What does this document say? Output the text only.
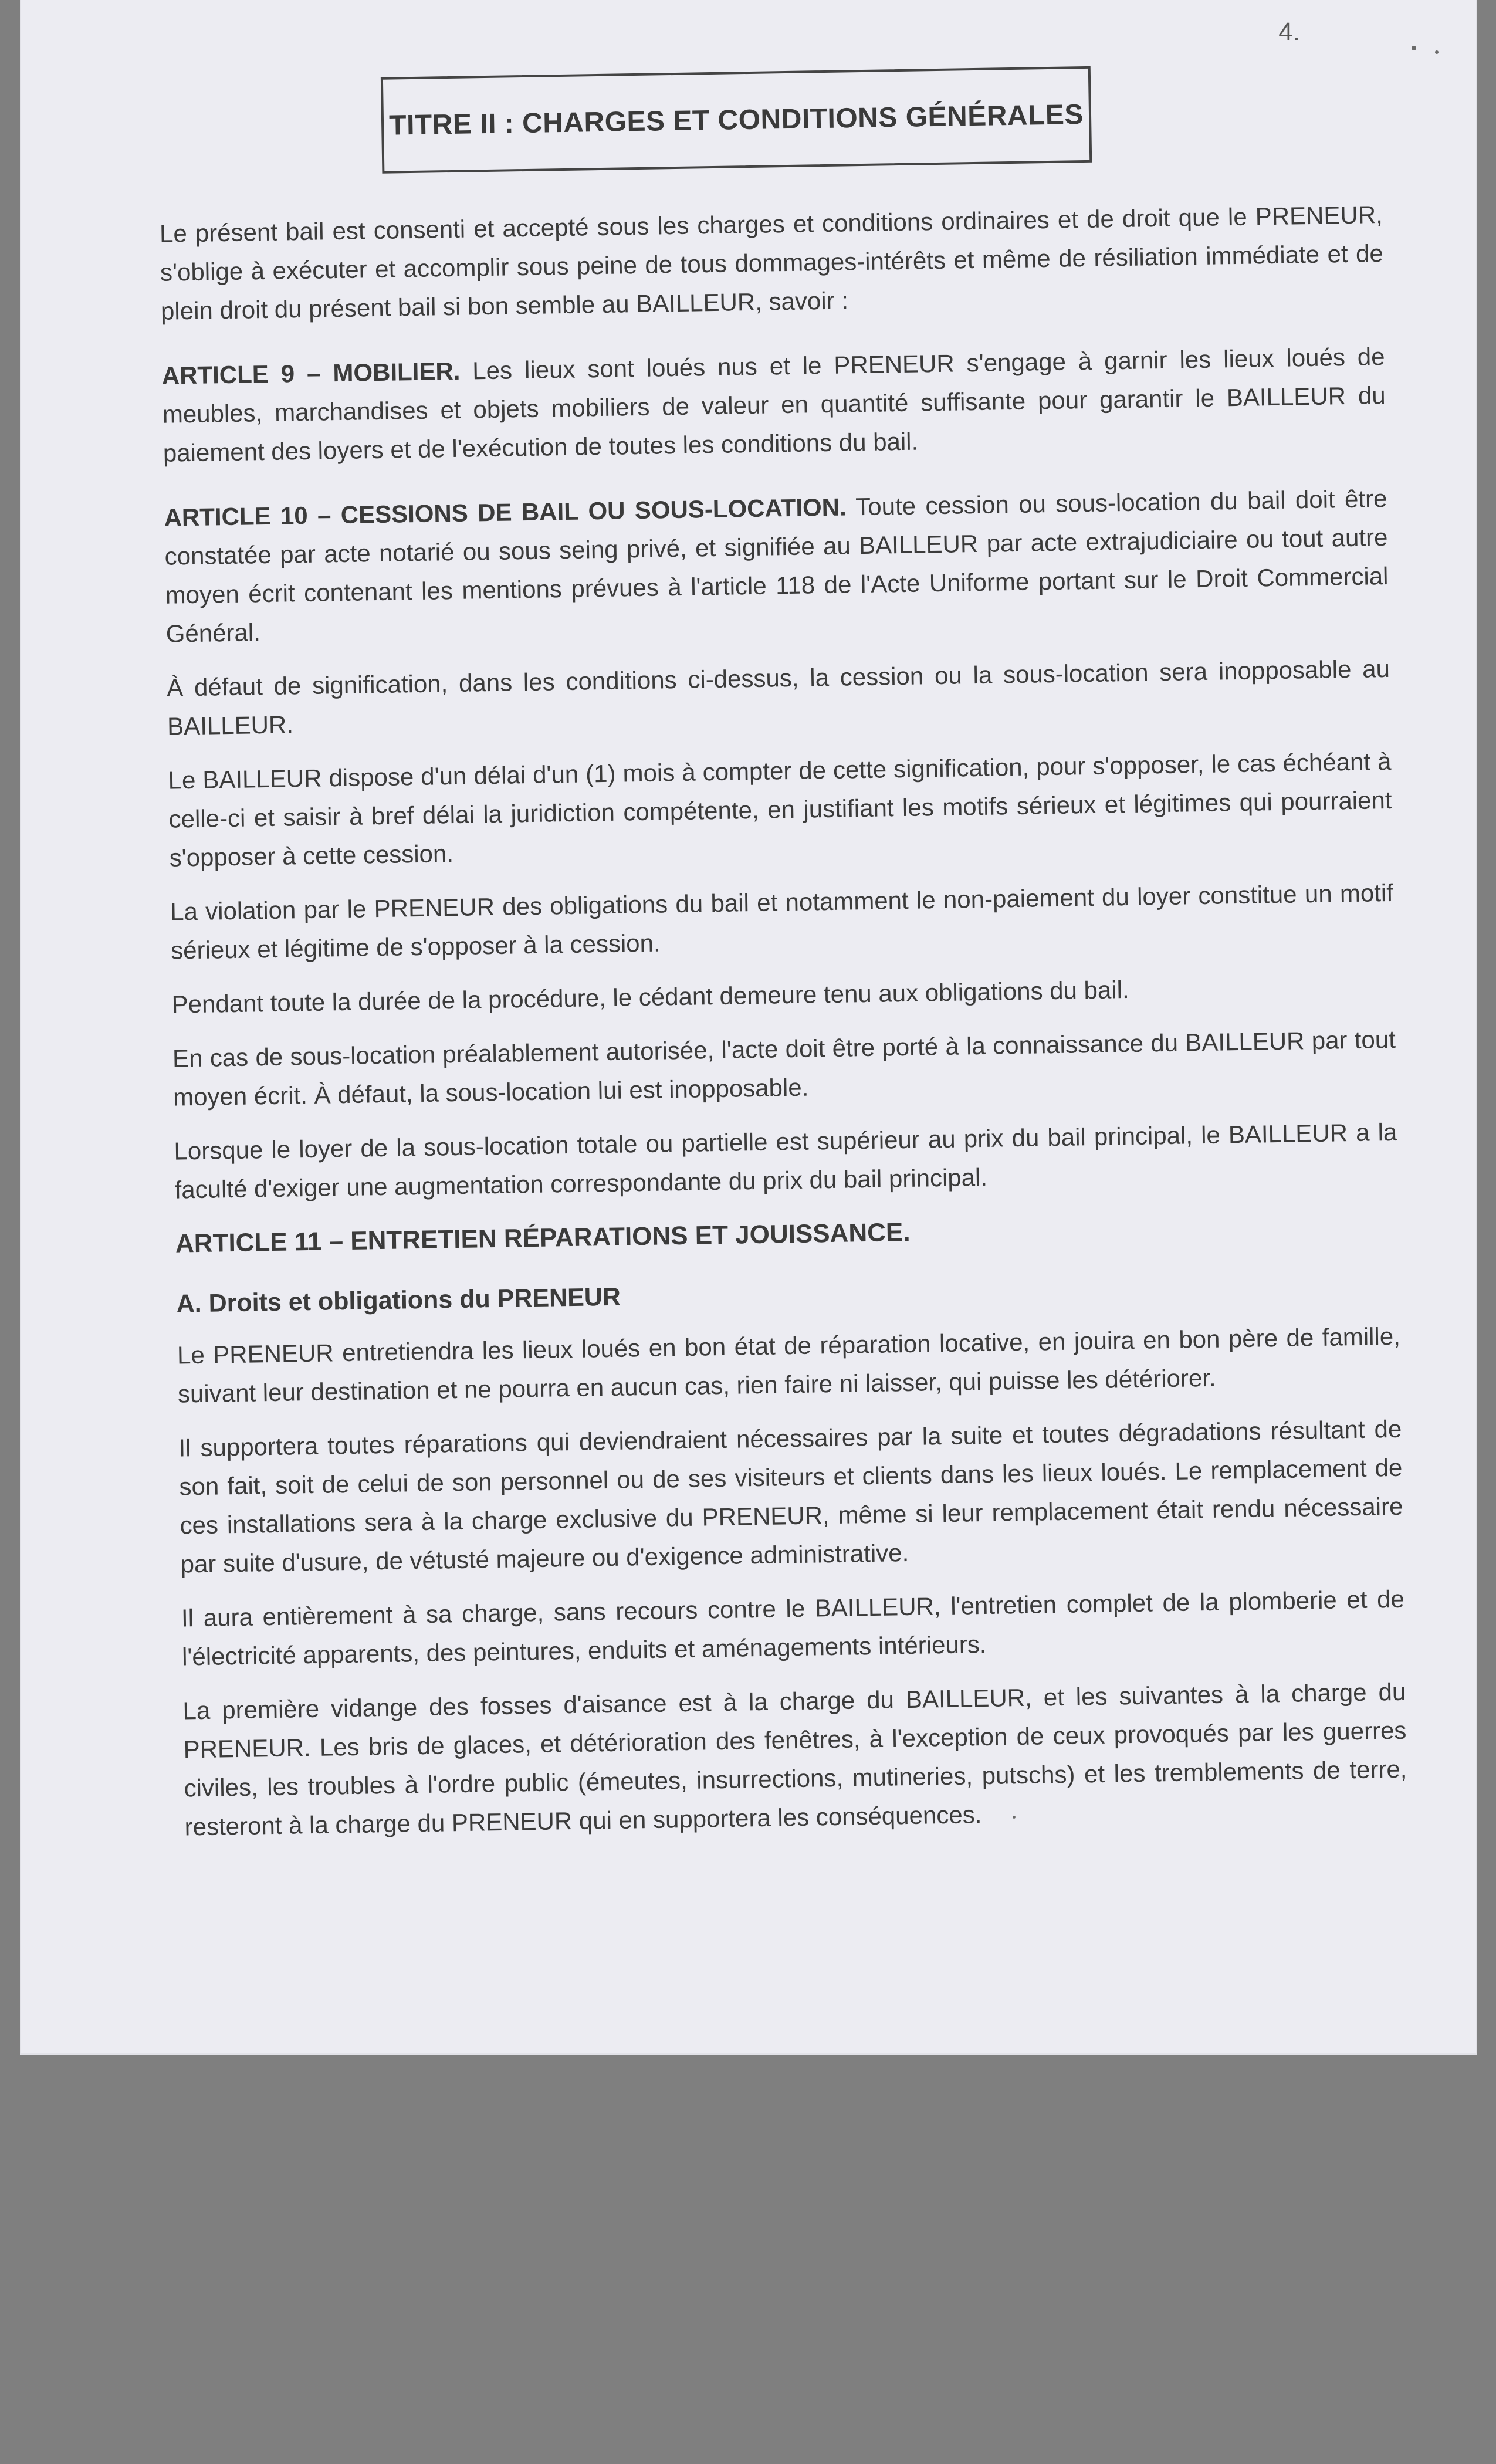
4.
TITRE II : CHARGES ET CONDITIONS GÉNÉRALES

Le présent bail est consenti et accepté sous les charges et conditions ordinaires et de droit que le PRENEUR, s'oblige à exécuter et accomplir sous peine de tous dommages-intérêts et même de résiliation immédiate et de plein droit du présent bail si bon semble au BAILLEUR, savoir :

ARTICLE 9 – MOBILIER. Les lieux sont loués nus et le PRENEUR s'engage à garnir les lieux loués de meubles, marchandises et objets mobiliers de valeur en quantité suffisante pour garantir le BAILLEUR du paiement des loyers et de l'exécution de toutes les conditions du bail.

ARTICLE 10 – CESSIONS DE BAIL OU SOUS-LOCATION. Toute cession ou sous-location du bail doit être constatée par acte notarié ou sous seing privé, et signifiée au BAILLEUR par acte extrajudiciaire ou tout autre moyen écrit contenant les mentions prévues à l'article 118 de l'Acte Uniforme portant sur le Droit Commercial Général.

À défaut de signification, dans les conditions ci-dessus, la cession ou la sous-location sera inopposable au BAILLEUR.

Le BAILLEUR dispose d'un délai d'un (1) mois à compter de cette signification, pour s'opposer, le cas échéant à celle-ci et saisir à bref délai la juridiction compétente, en justifiant les motifs sérieux et légitimes qui pourraient s'opposer à cette cession.

La violation par le PRENEUR des obligations du bail et notamment le non-paiement du loyer constitue un motif sérieux et légitime de s'opposer à la cession.

Pendant toute la durée de la procédure, le cédant demeure tenu aux obligations du bail.

En cas de sous-location préalablement autorisée, l'acte doit être porté à la connaissance du BAILLEUR par tout moyen écrit. À défaut, la sous-location lui est inopposable.

Lorsque le loyer de la sous-location totale ou partielle est supérieur au prix du bail principal, le BAILLEUR a la faculté d'exiger une augmentation correspondante du prix du bail principal.

ARTICLE 11 – ENTRETIEN RÉPARATIONS ET JOUISSANCE.
A. Droits et obligations du PRENEUR

Le PRENEUR entretiendra les lieux loués en bon état de réparation locative, en jouira en bon père de famille, suivant leur destination et ne pourra en aucun cas, rien faire ni laisser, qui puisse les détériorer.

Il supportera toutes réparations qui deviendraient nécessaires par la suite et toutes dégradations résultant de son fait, soit de celui de son personnel ou de ses visiteurs et clients dans les lieux loués. Le remplacement de ces installations sera à la charge exclusive du PRENEUR, même si leur remplacement était rendu nécessaire par suite d'usure, de vétusté majeure ou d'exigence administrative.

Il aura entièrement à sa charge, sans recours contre le BAILLEUR, l'entretien complet de la plomberie et de l'électricité apparents, des peintures, enduits et aménagements intérieurs.

La première vidange des fosses d'aisance est à la charge du BAILLEUR, et les suivantes à la charge du PRENEUR. Les bris de glaces, et détérioration des fenêtres, à l'exception de ceux provoqués par les guerres civiles, les troubles à l'ordre public (émeutes, insurrections, mutineries, putschs) et les tremblements de terre, resteront à la charge du PRENEUR qui en supportera les conséquences.
